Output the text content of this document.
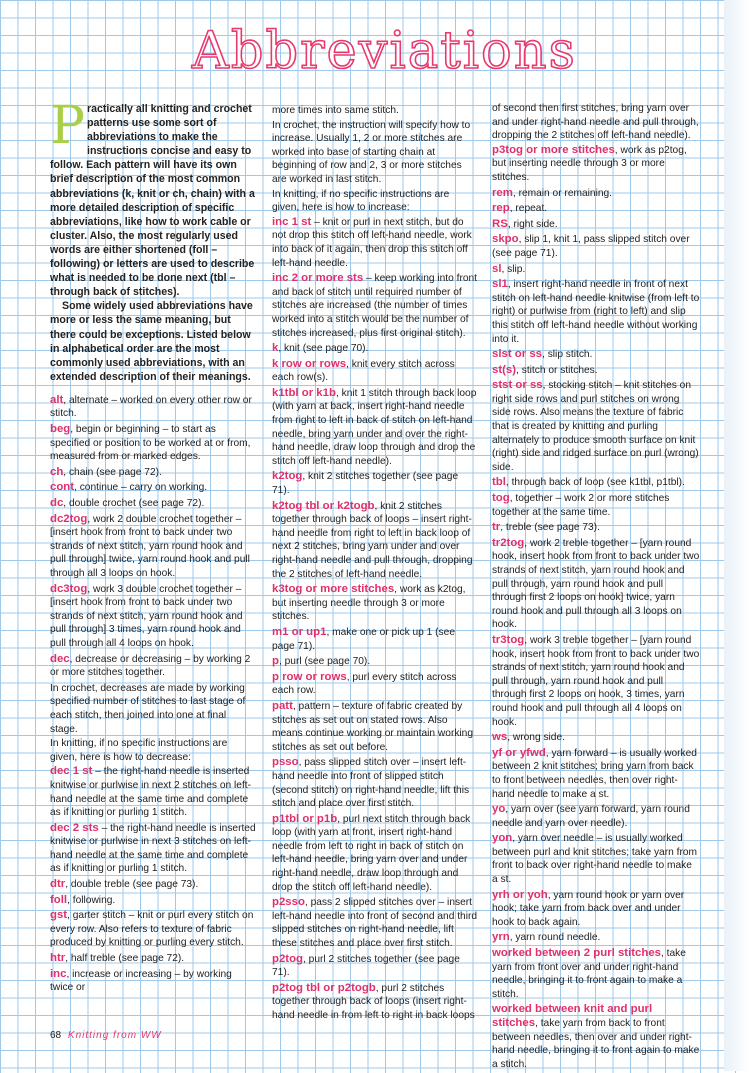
Abbreviations

Practically all knitting and crochet patterns use some sort of abbreviations to make the instructions concise and easy to follow. Each pattern will have its own brief description of the most common abbreviations (k, knit or ch, chain) with a more detailed description of specific abbreviations, like how to work cable or cluster. Also, the most regularly used words are either shortened (foll – following) or letters are used to describe what is needed to be done next (tbl – through back of stitches).

Some widely used abbreviations have more or less the same meaning, but there could be exceptions. Listed below in alphabetical order are the most commonly used abbreviations, with an extended description of their meanings.

alt, alternate – worked on every other row or stitch.

beg, begin or beginning – to start as specified or position to be worked at or from, measured from or marked edges.

ch, chain (see page 72).

cont, continue – carry on working.

dc, double crochet (see page 72).

dc2tog, work 2 double crochet together – [insert hook from front to back under two strands of next stitch, yarn round hook and pull through] twice, yarn round hook and pull through all 3 loops on hook.

dc3tog, work 3 double crochet together – [insert hook from front to back under two strands of next stitch, yarn round hook and pull through] 3 times, yarn round hook and pull through all 4 loops on hook.

dec, decrease or decreasing – by working 2 or more stitches together.

In crochet, decreases are made by working specified number of stitches to last stage of each stitch, then joined into one at final stage.

In knitting, if no specific instructions are given, here is how to decrease:

dec 1 st – the right-hand needle is inserted knitwise or purlwise in next 2 stitches on left-hand needle at the same time and complete as if knitting or purling 1 stitch.

dec 2 sts – the right-hand needle is inserted knitwise or purlwise in next 3 stitches on left-hand needle at the same time and complete as if knitting or purling 1 stitch.

dtr, double treble (see page 73).

foll, following.

gst, garter stitch – knit or purl every stitch on every row. Also refers to texture of fabric produced by knitting or purling every stitch.

htr, half treble (see page 72).

inc, increase or increasing – by working twice or

more times into same stitch.

In crochet, the instruction will specify how to increase. Usually 1, 2 or more stitches are worked into base of starting chain at beginning of row and 2, 3 or more stitches are worked in last stitch.

In knitting, if no specific instructions are given, here is how to increase:

inc 1 st – knit or purl in next stitch, but do not drop this stitch off left-hand needle, work into back of it again, then drop this stitch off left-hand needle.

inc 2 or more sts – keep working into front and back of stitch until required number of stitches are increased (the number of times worked into a stitch would be the number of stitches increased, plus first original stitch).

k, knit (see page 70).

k row or rows, knit every stitch across each row(s).

k1tbl or k1b, knit 1 stitch through back loop (with yarn at back, insert right-hand needle from right to left in back of stitch on left-hand needle, bring yarn under and over the right-hand needle, draw loop through and drop the stitch off left-hand needle).

k2tog, knit 2 stitches together (see page 71).

k2tog tbl or k2togb, knit 2 stitches together through back of loops – insert right-hand needle from right to left in back loop of next 2 stitches, bring yarn under and over right-hand needle and pull through, dropping the 2 stitches of left-hand needle.

k3tog or more stitches, work as k2tog, but inserting needle through 3 or more stitches.

m1 or up1, make one or pick up 1 (see page 71).

p, purl (see page 70).

p row or rows, purl every stitch across each row.

patt, pattern – texture of fabric created by stitches as set out on stated rows. Also means continue working or maintain working stitches as set out before.

psso, pass slipped stitch over – insert left-hand needle into front of slipped stitch (second stitch) on right-hand needle, lift this stitch and place over first stitch.

p1tbl or p1b, purl next stitch through back loop (with yarn at front, insert right-hand needle from left to right in back of stitch on left-hand needle, bring yarn over and under right-hand needle, draw loop through and drop the stitch off left-hand needle).

p2sso, pass 2 slipped stitches over – insert left-hand needle into front of second and third slipped stitches on right-hand needle, lift these stitches and place over first stitch.

p2tog, purl 2 stitches together (see page 71).

p2tog tbl or p2togb, purl 2 stitches together through back of loops (insert right-hand needle in from left to right in back loops

of second then first stitches, bring yarn over and under right-hand needle and pull through, dropping the 2 stitches off left-hand needle).

p3tog or more stitches, work as p2tog, but inserting needle through 3 or more stitches.

rem, remain or remaining.

rep, repeat.

RS, right side.

skpo, slip 1, knit 1, pass slipped stitch over (see page 71).

sl, slip.

sl1, insert right-hand needle in front of next stitch on left-hand needle knitwise (from left to right) or purlwise from (right to left) and slip this stitch off left-hand needle without working into it.

slst or ss, slip stitch.

st(s), stitch or stitches.

stst or ss, stocking stitch – knit stitches on right side rows and purl stitches on wrong side rows. Also means the texture of fabric that is created by knitting and purling alternately to produce smooth surface on knit (right) side and ridged surface on purl (wrong) side.

tbl, through back of loop (see k1tbl, p1tbl).

tog, together – work 2 or more stitches together at the same time.

tr, treble (see page 73).

tr2tog, work 2 treble together – [yarn round hook, insert hook from front to back under two strands of next stitch, yarn round hook and pull through, yarn round hook and pull through first 2 loops on hook] twice, yarn round hook and pull through all 3 loops on hook.

tr3tog, work 3 treble together – [yarn round hook, insert hook from front to back under two strands of next stitch, yarn round hook and pull through, yarn round hook and pull through first 2 loops on hook, 3 times, yarn round hook and pull through all 4 loops on hook.

ws, wrong side.

yf or yfwd, yarn forward – is usually worked between 2 knit stitches; bring yarn from back to front between needles, then over right-hand needle to make a st.

yo, yarn over (see yarn forward, yarn round needle and yarn over needle).

yon, yarn over needle – is usually worked between purl and knit stitches; take yarn from front to back over right-hand needle to make a st.

yrh or yoh, yarn round hook or yarn over hook; take yarn from back over and under hook to back again.

yrn, yarn round needle.

worked between 2 purl stitches, take yarn from front over and under right-hand needle, bringing it to front again to make a stitch.

worked between knit and purl stitches, take yarn from back to front between needles, then over and under right-hand needle, bringing it to front again to make a stitch.

68 Knitting from WW
